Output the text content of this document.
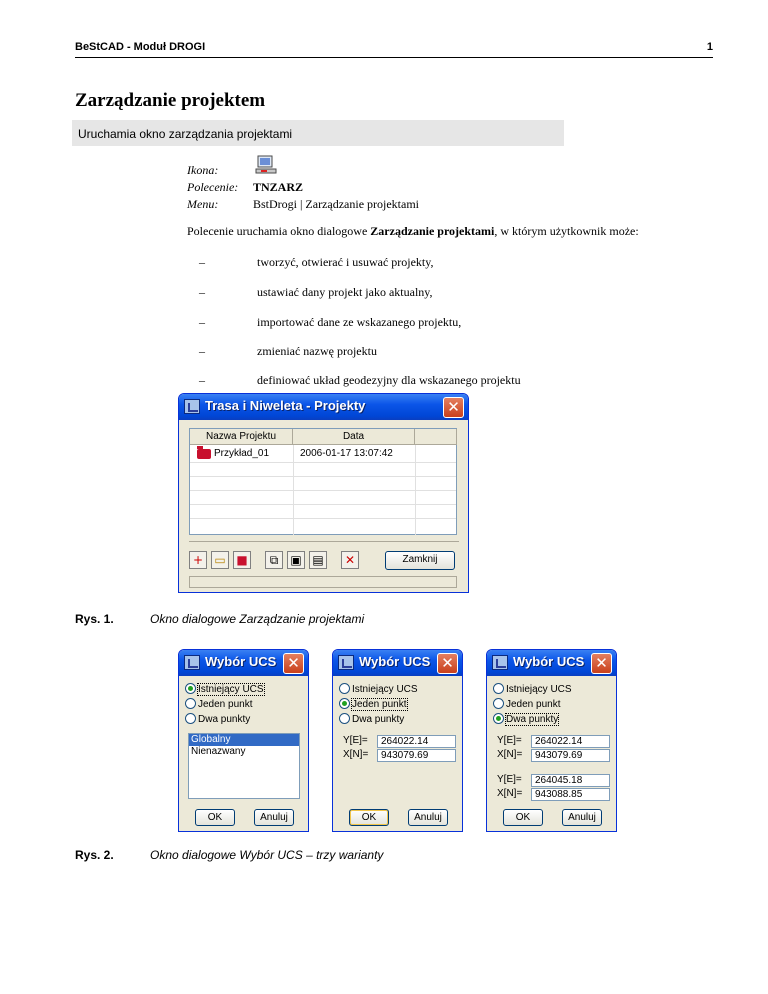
BeStCAD - Moduł DROGI	1
Zarządzanie projektem
Uruchamia okno zarządzania projektami
Ikona:
Polecenie: TNZARZ
Menu:	BstDrogi | Zarządzanie projektami
Polecenie uruchamia okno dialogowe Zarządzanie projektami, w którym użytkownik może:
–	tworzyć, otwierać i usuwać projekty,
–	ustawiać dany projekt jako aktualny,
–	importować dane ze wskazanego projektu,
–	zmieniać nazwę projektu
–	definiować układ geodezyjny dla wskazanego projektu
Trasa i Niweleta - Projekty	✕
Nazwa Projektu	Data
Przykład_01	2006-01-17 13:07:42
+ ▭ ■	⧉	▣ ▤	✕	Zamknij
Rys. 1.	Okno dialogowe Zarządzanie projektami
Wybór UCS ✕
Istniejący UCS
Jeden punkt
Dwa punkty
Globalny
Nienazwany
OK	Anuluj
Wybór UCS ✕
Istniejący UCS
Jeden punkt
Dwa punkty
Y[E]= 264022.14
X[N]= 943079.69
OK	Anuluj
Wybór UCS ✕
Istniejący UCS
Jeden punkt
Dwa punkty
Y[E]= 264022.14
X[N]= 943079.69
Y[E]= 264045.18
X[N]= 943088.85
OK	Anuluj
Rys. 2.	Okno dialogowe Wybór UCS – trzy warianty
